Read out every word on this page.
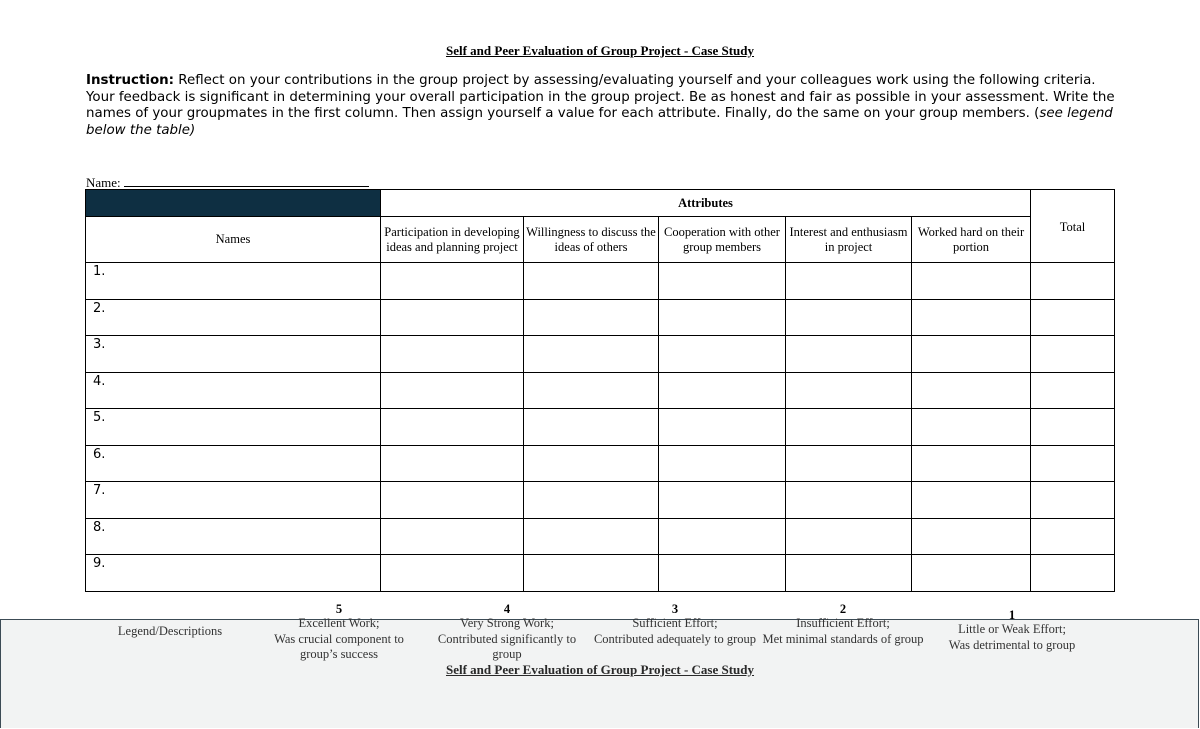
Self and Peer Evaluation of Group Project - Case Study
Instruction: Reflect on your contributions in the group project by assessing/evaluating yourself and your colleagues work using the following criteria. Your feedback is significant in determining your overall participation in the group project. Be as honest and fair as possible in your assessment. Write the names of your groupmates in the first column. Then assign yourself a value for each attribute. Finally, do the same on your group members. (see legend below the table)
Name:
	Attributes					Total
Names	Participation in developing ideas and planning project	Willingness to discuss the ideas of others	Cooperation with other group members	Interest and enthusiasm in project	Worked hard on their portion	
1.						
2.						
3.						
4.						
5.						
6.						
7.						
8.						
9.						
Legend/Descriptions
5
Excellent Work;
Was crucial component to group’s success
4
Very Strong Work;
Contributed significantly to group
3
Sufficient Effort;
Contributed adequately to group
2
Insufficient Effort;
Met minimal standards of group
1
Little or Weak Effort;
Was detrimental to group
Self and Peer Evaluation of Group Project - Case Study
